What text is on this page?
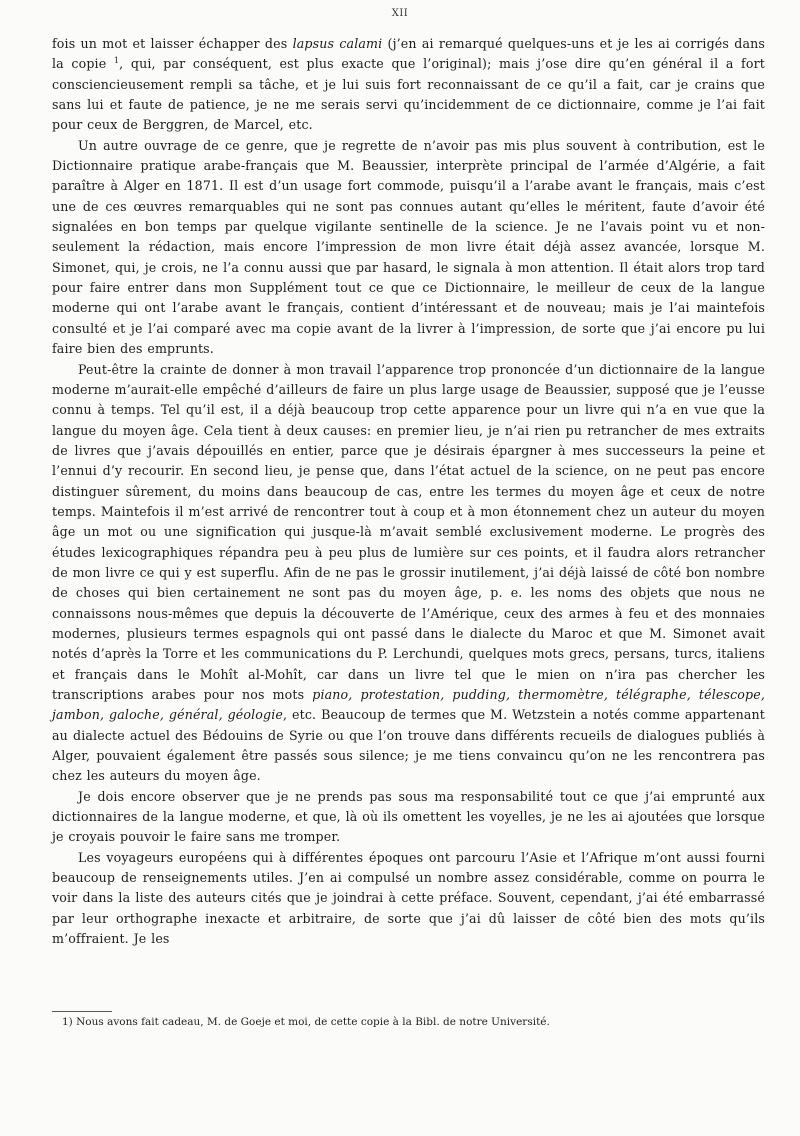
XII

fois un mot et laisser échapper des lapsus calami (j’en ai remarqué quelques-uns et je les ai corrigés dans la copie $^1$, qui, par conséquent, est plus exacte que l’original); mais j’ose dire qu’en général il a fort consciencieusement rempli sa tâche, et je lui suis fort reconnaissant de ce qu’il a fait, car je crains que sans lui et faute de patience, je ne me serais servi qu’incidemment de ce dictionnaire, comme je l’ai fait pour ceux de Berggren, de Marcel, etc.

Un autre ouvrage de ce genre, que je regrette de n’avoir pas mis plus souvent à contribution, est le Dictionnaire pratique arabe-français que M. Beaussier, interprète principal de l’armée d’Algérie, a fait paraître à Alger en 1871. Il est d’un usage fort commode, puisqu’il a l’arabe avant le français, mais c’est une de ces œuvres remarquables qui ne sont pas connues autant qu’elles le méritent, faute d’avoir été signalées en bon temps par quelque vigilante sentinelle de la science. Je ne l’avais point vu et non-seulement la rédaction, mais encore l’impression de mon livre était déjà assez avancée, lorsque M. Simonet, qui, je crois, ne l’a connu aussi que par hasard, le signala à mon attention. Il était alors trop tard pour faire entrer dans mon Supplément tout ce que ce Dictionnaire, le meilleur de ceux de la langue moderne qui ont l’arabe avant le français, contient d’intéressant et de nouveau; mais je l’ai maintefois consulté et je l’ai comparé avec ma copie avant de la livrer à l’impression, de sorte que j’ai encore pu lui faire bien des emprunts.

Peut-être la crainte de donner à mon travail l’apparence trop prononcée d’un dictionnaire de la langue moderne m’aurait-elle empêché d’ailleurs de faire un plus large usage de Beaussier, supposé que je l’eusse connu à temps. Tel qu’il est, il a déjà beaucoup trop cette apparence pour un livre qui n’a en vue que la langue du moyen âge. Cela tient à deux causes: en premier lieu, je n’ai rien pu retrancher de mes extraits de livres que j’avais dépouillés en entier, parce que je désirais épargner à mes successeurs la peine et l’ennui d’y recourir. En second lieu, je pense que, dans l’état actuel de la science, on ne peut pas encore distinguer sûrement, du moins dans beaucoup de cas, entre les termes du moyen âge et ceux de notre temps. Maintefois il m’est arrivé de rencontrer tout à coup et à mon étonnement chez un auteur du moyen âge un mot ou une signification qui jusque-là m’avait semblé exclusivement moderne. Le progrès des études lexicographiques répandra peu à peu plus de lumière sur ces points, et il faudra alors retrancher de mon livre ce qui y est superflu. Afin de ne pas le grossir inutilement, j’ai déjà laissé de côté bon nombre de choses qui bien certainement ne sont pas du moyen âge, p. e. les noms des objets que nous ne connaissons nous-mêmes que depuis la découverte de l’Amérique, ceux des armes à feu et des monnaies modernes, plusieurs termes espagnols qui ont passé dans le dialecte du Maroc et que M. Simonet avait notés d’après la Torre et les communications du P. Lerchundi, quelques mots grecs, persans, turcs, italiens et français dans le Mohît al-Mohît, car dans un livre tel que le mien on n’ira pas chercher les transcriptions arabes pour nos mots piano, protestation, pudding, thermomètre, télégraphe, télescope, jambon, galoche, général, géologie, etc. Beaucoup de termes que M. Wetzstein a notés comme appartenant au dialecte actuel des Bédouins de Syrie ou que l’on trouve dans différents recueils de dialogues publiés à Alger, pouvaient également être passés sous silence; je me tiens convaincu qu’on ne les rencontrera pas chez les auteurs du moyen âge.

Je dois encore observer que je ne prends pas sous ma responsabilité tout ce que j’ai emprunté aux dictionnaires de la langue moderne, et que, là où ils omettent les voyelles, je ne les ai ajoutées que lorsque je croyais pouvoir le faire sans me tromper.

Les voyageurs européens qui à différentes époques ont parcouru l’Asie et l’Afrique m’ont aussi fourni beaucoup de renseignements utiles. J’en ai compulsé un nombre assez considérable, comme on pourra le voir dans la liste des auteurs cités que je joindrai à cette préface. Souvent, cependant, j’ai été embarrassé par leur orthographe inexacte et arbitraire, de sorte que j’ai dû laisser de côté bien des mots qu’ils m’offraient. Je les

1) Nous avons fait cadeau, M. de Goeje et moi, de cette copie à la Bibl. de notre Université.
